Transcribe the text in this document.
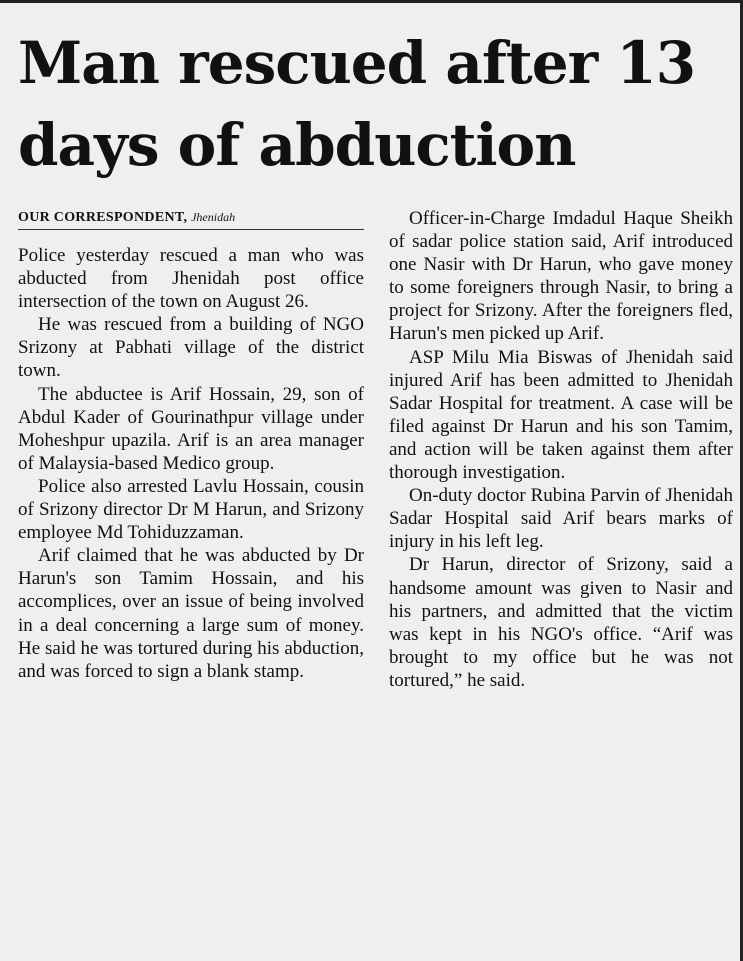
Man rescued after 13 days of abduction
OUR CORRESPONDENT, Jhenidah

Police yesterday rescued a man who was abducted from Jhenidah post office intersection of the town on August 26.

He was rescued from a building of NGO Srizony at Pabhati village of the district town.

The abductee is Arif Hossain, 29, son of Abdul Kader of Gourinathpur village under Moheshpur upazila. Arif is an area manager of Malaysia-based Medico group.

Police also arrested Lavlu Hossain, cousin of Srizony director Dr M Harun, and Srizony employee Md Tohiduzzaman.

Arif claimed that he was abducted by Dr Harun's son Tamim Hossain, and his accomplices, over an issue of being involved in a deal concerning a large sum of money. He said he was tortured during his abduction, and was forced to sign a blank stamp.

Officer-in-Charge Imdadul Haque Sheikh of sadar police station said, Arif introduced one Nasir with Dr Harun, who gave money to some foreigners through Nasir, to bring a project for Srizony. After the foreigners fled, Harun's men picked up Arif.

ASP Milu Mia Biswas of Jhenidah said injured Arif has been admitted to Jhenidah Sadar Hospital for treatment. A case will be filed against Dr Harun and his son Tamim, and action will be taken against them after thorough investigation.

On-duty doctor Rubina Parvin of Jhenidah Sadar Hospital said Arif bears marks of injury in his left leg.

Dr Harun, director of Srizony, said a handsome amount was given to Nasir and his partners, and admitted that the victim was kept in his NGO's office. “Arif was brought to my office but he was not tortured,” he said.
